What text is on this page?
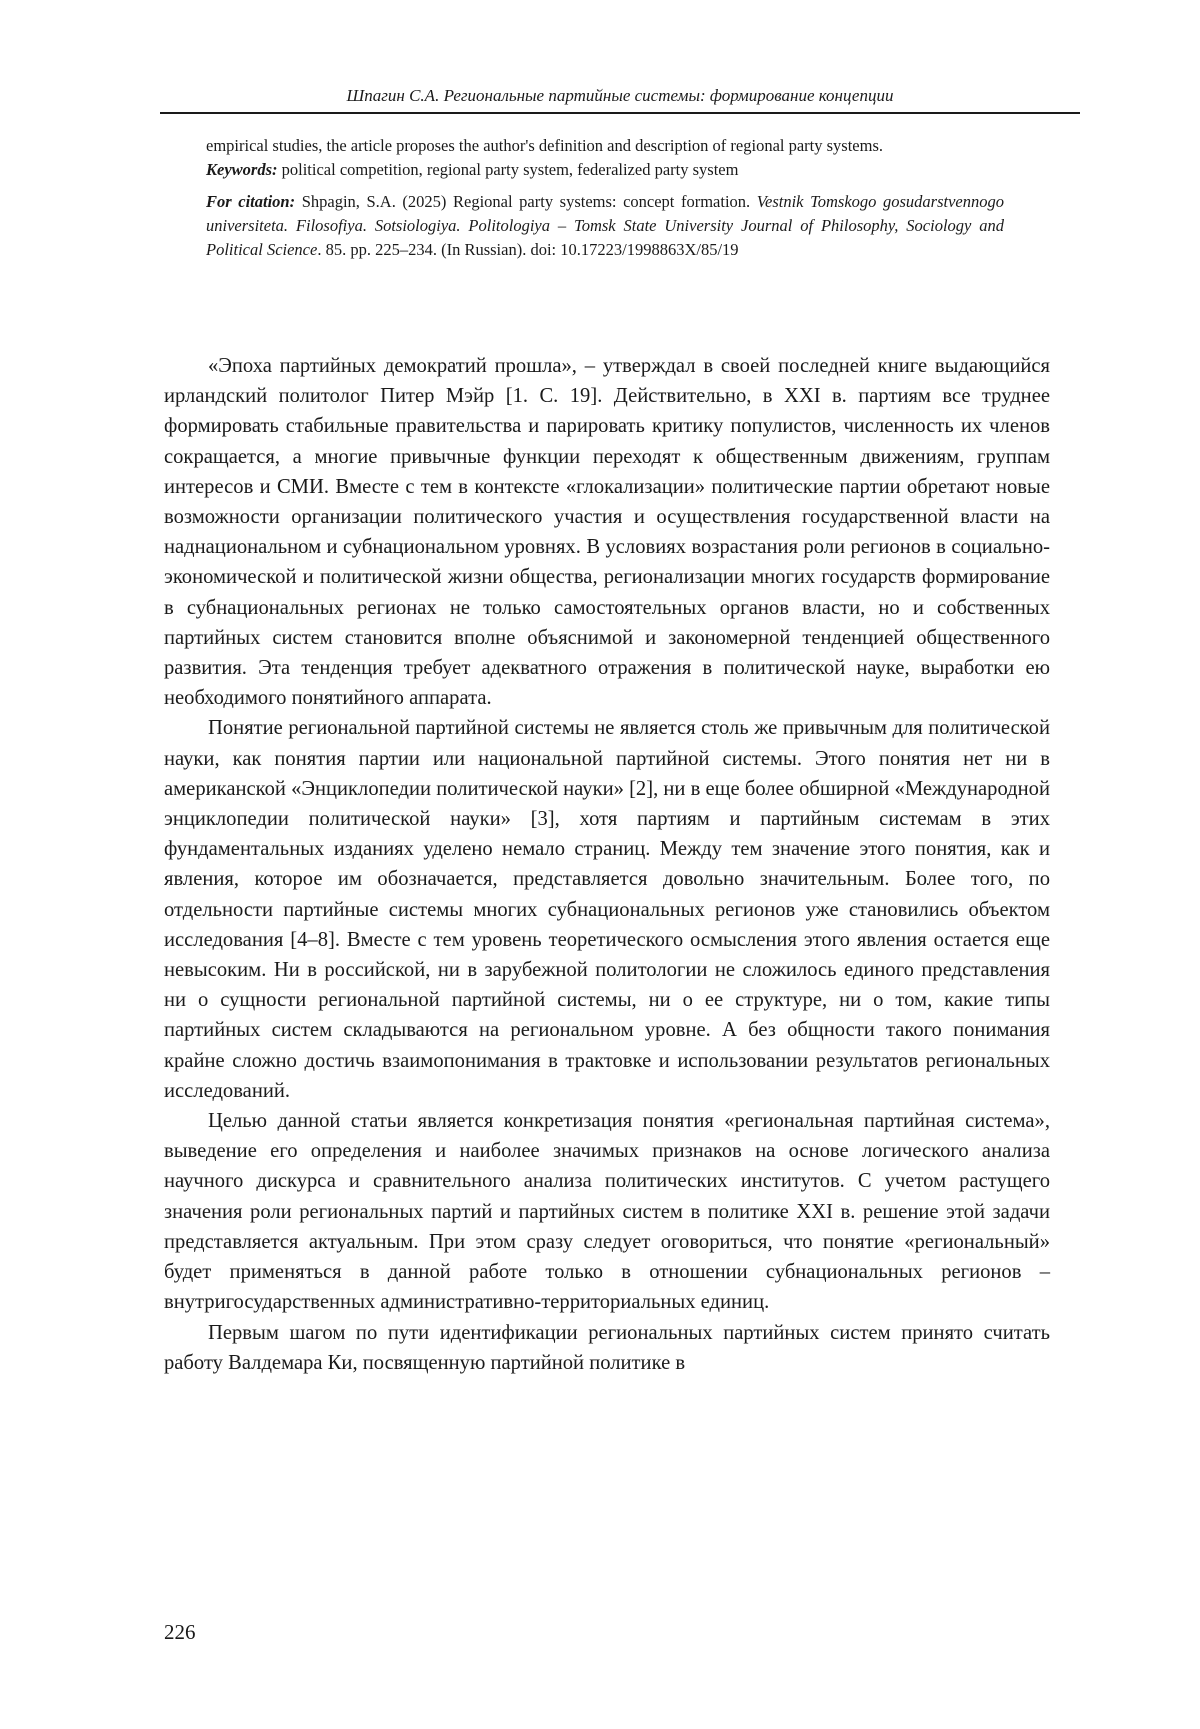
Шпагин С.А. Региональные партийные системы: формирование концепции

empirical studies, the article proposes the author's definition and description of regional party systems.

Keywords: political competition, regional party system, federalized party system

For citation: Shpagin, S.A. (2025) Regional party systems: concept formation. Vestnik Tomskogo gosudarstvennogo universiteta. Filosofiya. Sotsiologiya. Politologiya – Tomsk State University Journal of Philosophy, Sociology and Political Science. 85. pp. 225–234. (In Russian). doi: 10.17223/1998863X/85/19

«Эпоха партийных демократий прошла», – утверждал в своей последней книге выдающийся ирландский политолог Питер Мэйр [1. С. 19]. Действительно, в XXI в. партиям все труднее формировать стабильные правительства и парировать критику популистов, численность их членов сокращается, а многие привычные функции переходят к общественным движениям, группам интересов и СМИ. Вместе с тем в контексте «глокализации» политические партии обретают новые возможности организации политического участия и осуществления государственной власти на наднациональном и субнациональном уровнях. В условиях возрастания роли регионов в социально-экономической и политической жизни общества, регионализации многих государств формирование в субнациональных регионах не только самостоятельных органов власти, но и собственных партийных систем становится вполне объяснимой и закономерной тенденцией общественного развития. Эта тенденция требует адекватного отражения в политической науке, выработки ею необходимого понятийного аппарата.

Понятие региональной партийной системы не является столь же привычным для политической науки, как понятия партии или национальной партийной системы. Этого понятия нет ни в американской «Энциклопедии политической науки» [2], ни в еще более обширной «Международной энциклопедии политической науки» [3], хотя партиям и партийным системам в этих фундаментальных изданиях уделено немало страниц. Между тем значение этого понятия, как и явления, которое им обозначается, представляется довольно значительным. Более того, по отдельности партийные системы многих субнациональных регионов уже становились объектом исследования [4–8]. Вместе с тем уровень теоретического осмысления этого явления остается еще невысоким. Ни в российской, ни в зарубежной политологии не сложилось единого представления ни о сущности региональной партийной системы, ни о ее структуре, ни о том, какие типы партийных систем складываются на региональном уровне. А без общности такого понимания крайне сложно достичь взаимопонимания в трактовке и использовании результатов региональных исследований.

Целью данной статьи является конкретизация понятия «региональная партийная система», выведение его определения и наиболее значимых признаков на основе логического анализа научного дискурса и сравнительного анализа политических институтов. С учетом растущего значения роли региональных партий и партийных систем в политике XXI в. решение этой задачи представляется актуальным. При этом сразу следует оговориться, что понятие «региональный» будет применяться в данной работе только в отношении субнациональных регионов – внутригосударственных административно-территориальных единиц.

Первым шагом по пути идентификации региональных партийных систем принято считать работу Валдемара Ки, посвященную партийной политике в

226
